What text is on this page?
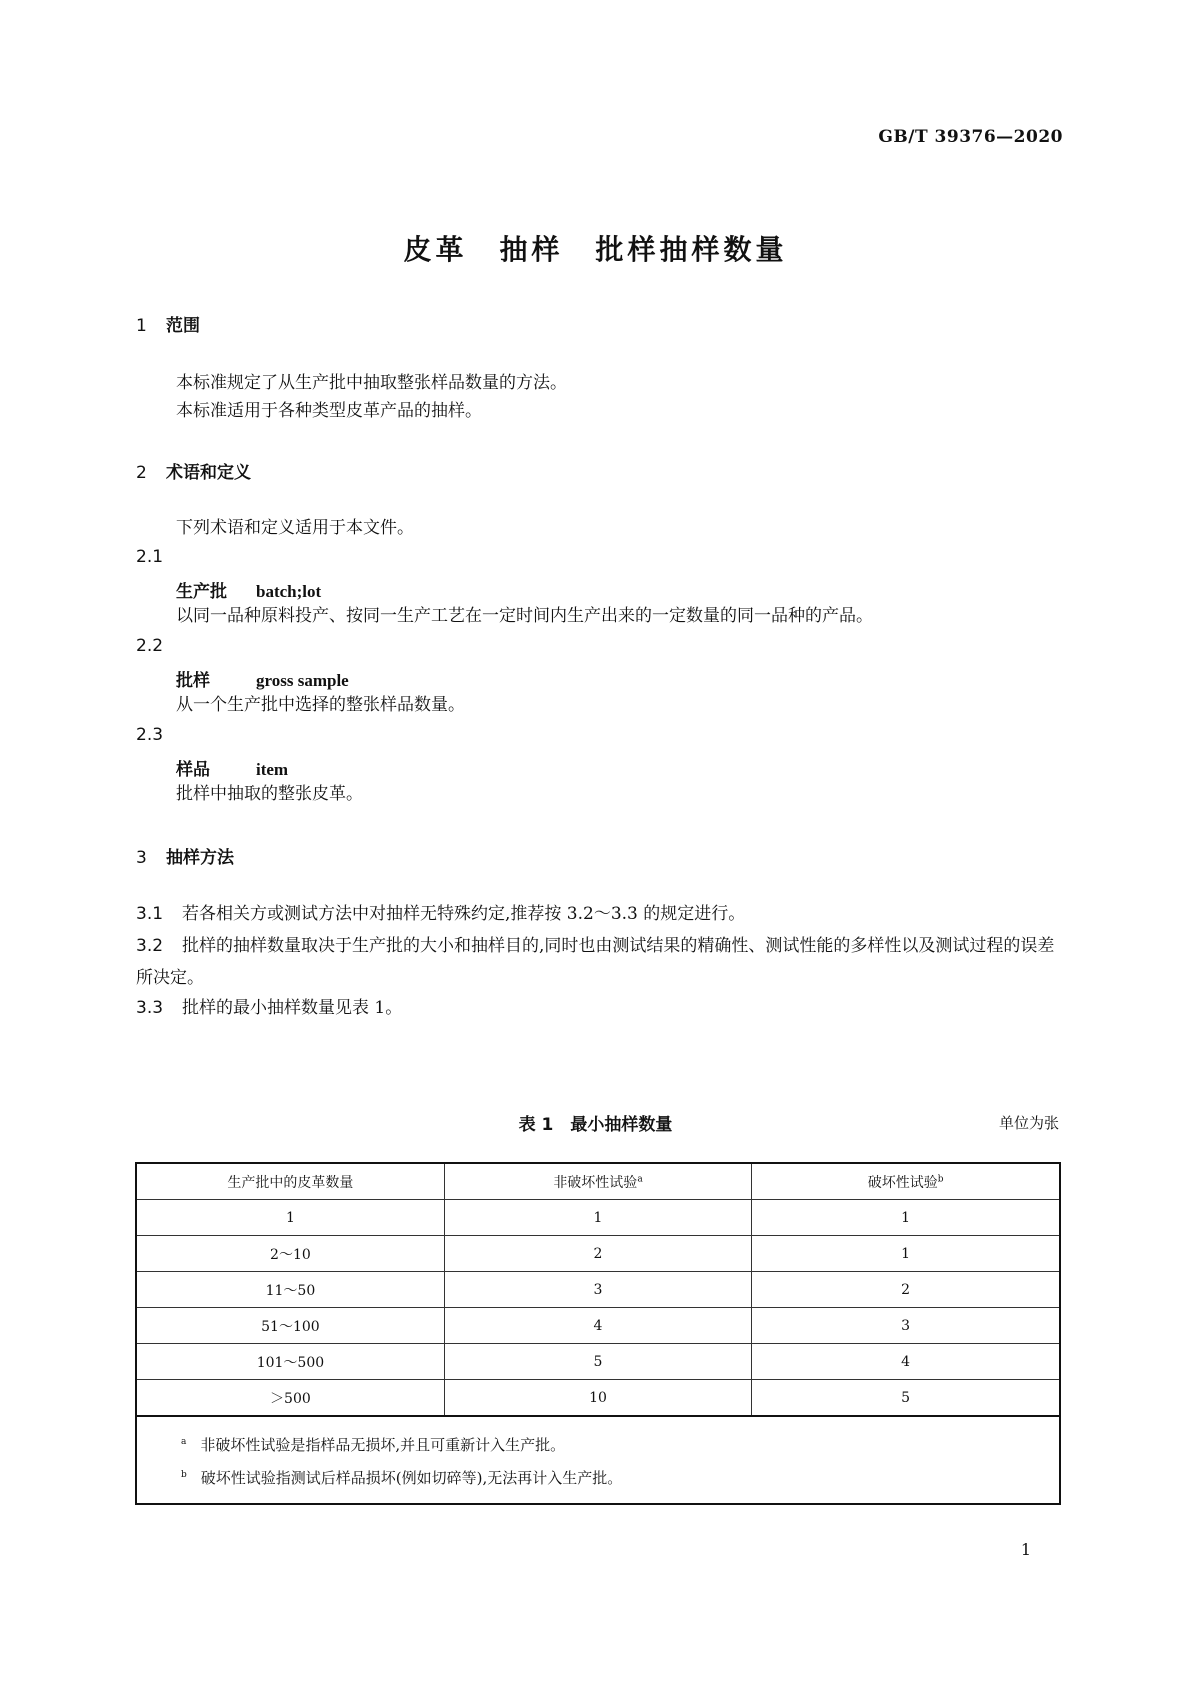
GB/T 39376—2020
皮革　抽样　批样抽样数量
1 范围
本标准规定了从生产批中抽取整张样品数量的方法。
本标准适用于各种类型皮革产品的抽样。
2 术语和定义
下列术语和定义适用于本文件。
2.1
生产批 batch;lot
以同一品种原料投产、按同一生产工艺在一定时间内生产出来的一定数量的同一品种的产品。
2.2
批样	gross sample
从一个生产批中选择的整张样品数量。
2.3
样品	item
批样中抽取的整张皮革。
3 抽样方法
3.1 若各相关方或测试方法中对抽样无特殊约定,推荐按 3.2～3.3 的规定进行。
3.2 批样的抽样数量取决于生产批的大小和抽样目的,同时也由测试结果的精确性、测试性能的多样性以及测试过程的误差所决定。
3.3 批样的最小抽样数量见表 1。
表 1　最小抽样数量	单位为张
生产批中的皮革数量	非破坏性试验$^a$	破坏性试验$^b$
1	1	1
2～10	2	1
11～50	3	2
51～100	4	3
101～500	5	4
＞500	10	5

$^a$ 非破坏性试验是指样品无损坏,并且可重新计入生产批。
$^b$ 破坏性试验指测试后样品损坏(例如切碎等),无法再计入生产批。		
1
